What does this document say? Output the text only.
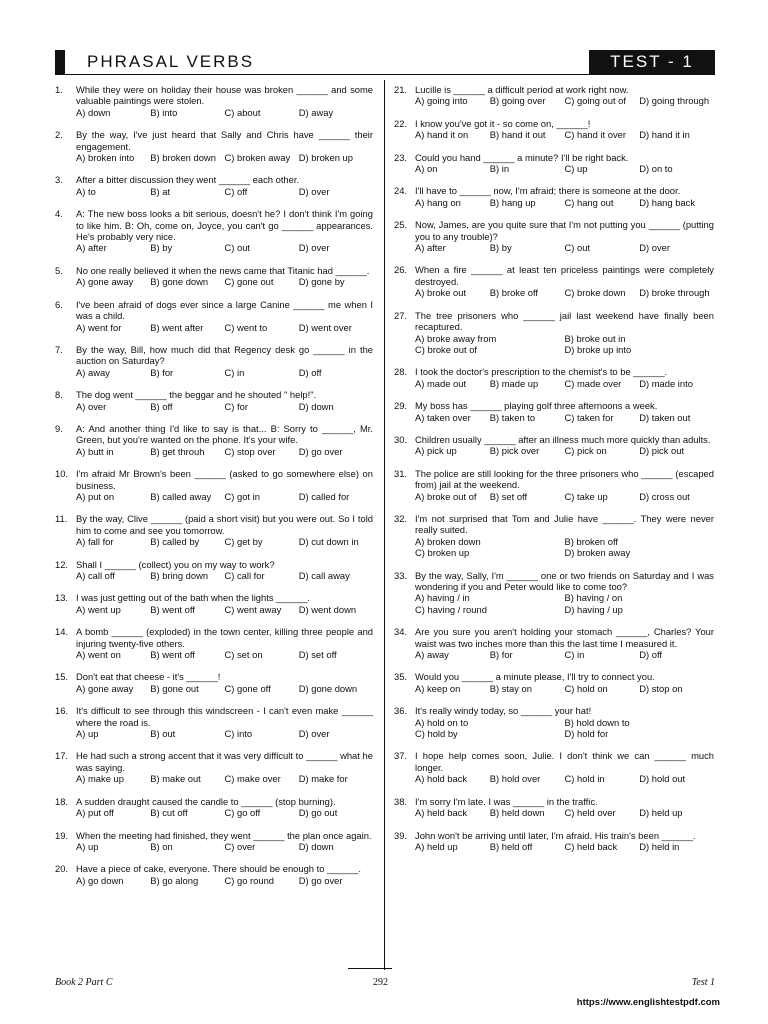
PHRASAL VERBS	TEST - 1
1. While they were on holiday their house was broken ______ and some valuable paintings were stolen.
A) down	B) into	C) about	D) away
2. By the way, I've just heard that Sally and Chris have ______ their engagement.
A) broken into	B) broken down C) broken away D) broken up
3. After a bitter discussion they went ______ each other.
A) to	B) at	C) off	D) over
4. A: The new boss looks a bit serious, doesn't he? I don't think I'm going to like him. B: Oh, come on, Joyce, you can't go ______ appearances. He's probably very nice.
A) after	B) by	C) out	D) over
5. No one really believed it when the news came that Titanic had ______.
A) gone away	B) gone down	C) gone out	D) gone by
6. I've been afraid of dogs ever since a large Canine ______ me when I was a child.
A) went for	B) went after	C) went to	D) went over
7. By the way, Bill, how much did that Regency desk go ______ in the auction on Saturday?
A) away	B) for	C) in	D) off
8. The dog went ______ the beggar and he shouted " help!".
A) over	B) off	C) for	D) down
9. A: And another thing I'd like to say is that... B: Sorry to ______, Mr. Green, but you're wanted on the phone. It's your wife.
A) butt in	B) get throuh	C) stop over	D) go over
10. I'm afraid Mr Brown's been ______ (asked to go somewhere else) on business.
A) put on	B) called away	C) got in	D) called for
11. By the way, Clive ______ (paid a short visit) but you were out. So I told him to come and see you tomorrow.
A) fall for	B) called by	C) get by	D) cut down in
12. Shall I ______ (collect) you on my way to work?
A) call off	B) bring down	C) call for	D) call away
13. I was just getting out of the bath when the lights ______.
A) went up	B) went off	C) went away	D) went down
14. A bomb ______ (exploded) in the town center, killing three people and injuring twenty-five others.
A) went on	B) went off	C) set on	D) set off
15. Don't eat that cheese - it's ______!
A) gone away	B) gone out	C) gone off	D) gone down
16. It's difficult to see through this windscreen - I can't even make ______ where the road is.
A) up	B) out	C) into	D) over
17. He had such a strong accent that it was very difficult to ______ what he was saying.
A) make up	B) make out	C) make over	D) make for
18. A sudden draught caused the candle to ______ (stop burning).
A) put off	B) cut off	C) go off	D) go out
19. When the meeting had finished, they went ______ the plan once again.
A) up	B) on	C) over	D) down
20. Have a piece of cake, everyone. There should be enough to ______.
A) go down	B) go along	C) go round	D) go over
21. Lucille is ______ a difficult period at work right now.
A) going into	B) going over	C) going out of	D) going through
22. I know you've got it - so come on, ______!
A) hand it on	B) hand it out	C) hand it over	D) hand it in
23. Could you hand ______ a minute? I'll be right back.
A) on	B) in	C) up	D) on to
24. I'll have to ______ now, I'm afraid; there is someone at the door.
A) hang on	B) hang up	C) hang out	D) hang back
25. Now, James, are you quite sure that I'm not putting you ______ (putting you to any trouble)?
A) after	B) by	C) out	D) over
26. When a fire ______ at least ten priceless paintings were completely destroyed.
A) broke out	B) broke off	C) broke down	D) broke through
27. The tree prisoners who ______ jail last weekend have finally been recaptured.
A) broke away from	B) broke out in
C) broke out of	D) broke up into
28. I took the doctor's prescription to the chemist's to be ______.
A) made out	B) made up	C) made over	D) made into
29. My boss has ______ playing golf three afternoons a week.
A) taken over	B) taken to	C) taken for	D) taken out
30. Children usually ______ after an illness much more quickly than adults.
A) pick up	B) pick over	C) pick on	D) pick out
31. The police are still looking for the three prisoners who ______ (escaped from) jail at the weekend.
A) broke out of	B) set off	C) take up	D) cross out
32. I'm not surprised that Tom and Julie have ______. They were never really suited.
A) broken down	B) broken off
C) broken up	D) broken away
33. By the way, Sally, I'm ______ one or two friends on Saturday and I was wondering if you and Peter would like to come too?
A) having / in	B) having / on
C) having / round	D) having / up
34. Are you sure you aren't holding your stomach ______, Charles? Your waist was two inches more than this the last time I measured it.
A) away	B) for	C) in	D) off
35. Would you ______ a minute please, I'll try to connect you.
A) keep on	B) stay on	C) hold on	D) stop on
36. It's really windy today, so ______ your hat!
A) hold on to	B) hold down to
C) hold by	D) hold for
37. I hope help comes soon, Julie. I don't think we can ______ much longer.
A) hold back	B) hold over	C) hold in	D) hold out
38. I'm sorry I'm late. I was ______ in the traffic.
A) held back	B) held down	C) held over	D) held up
39. John won't be arriving until later, I'm afraid. His train's been ______.
A) held up	B) held off	C) held back	D) held in
Book 2 Part C	292	Test 1
https://www.englishtestpdf.com
